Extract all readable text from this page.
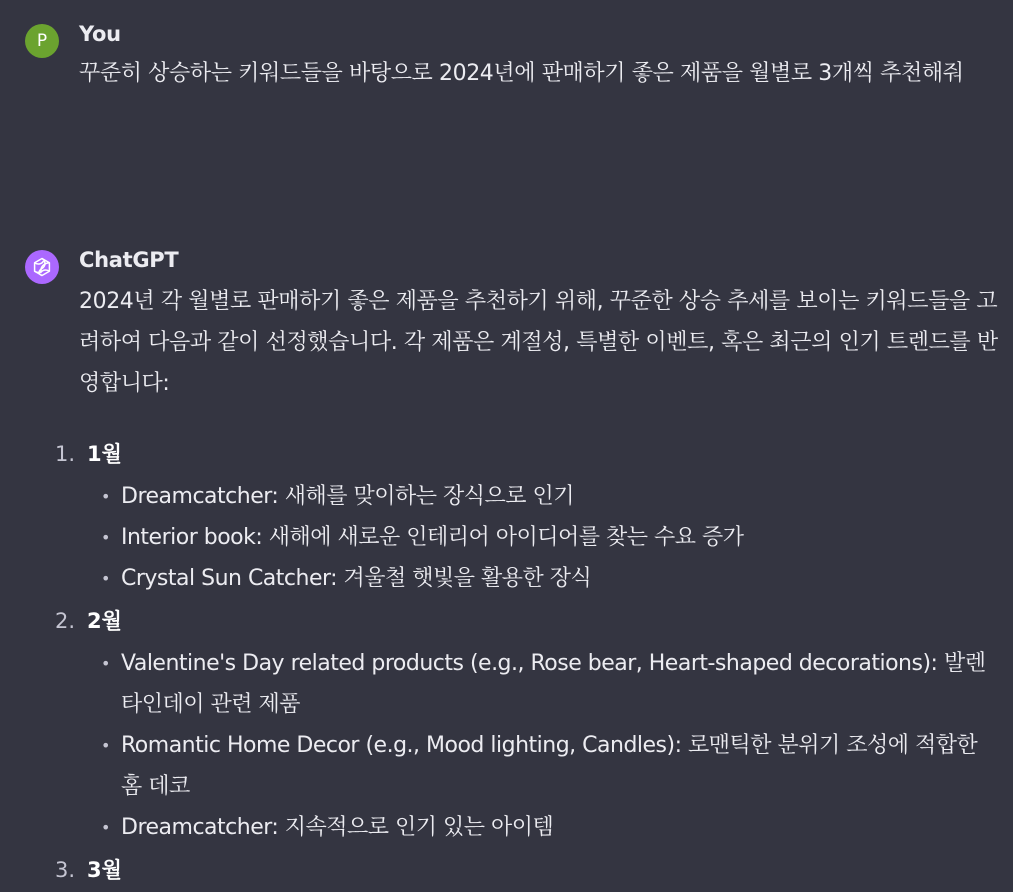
P You
꾸준히 상승하는 키워드들을 바탕으로 2024년에 판매하기 좋은 제품을 월별로 3개씩 추천해줘
ChatGPT
2024년 각 월별로 판매하기 좋은 제품을 추천하기 위해, 꾸준한 상승 추세를 보이는 키워드들을 고려하여 다음과 같이 선정했습니다. 각 제품은 계절성, 특별한 이벤트, 혹은 최근의 인기 트렌드를 반영합니다:
1. 1월
• Dreamcatcher: 새해를 맞이하는 장식으로 인기
• Interior book: 새해에 새로운 인테리어 아이디어를 찾는 수요 증가
• Crystal Sun Catcher: 겨울철 햇빛을 활용한 장식
2. 2월
• Valentine's Day related products (e.g., Rose bear, Heart-shaped decorations): 발렌타인데이 관련 제품
• Romantic Home Decor (e.g., Mood lighting, Candles): 로맨틱한 분위기 조성에 적합한 홈 데코
• Dreamcatcher: 지속적으로 인기 있는 아이템
3. 3월
